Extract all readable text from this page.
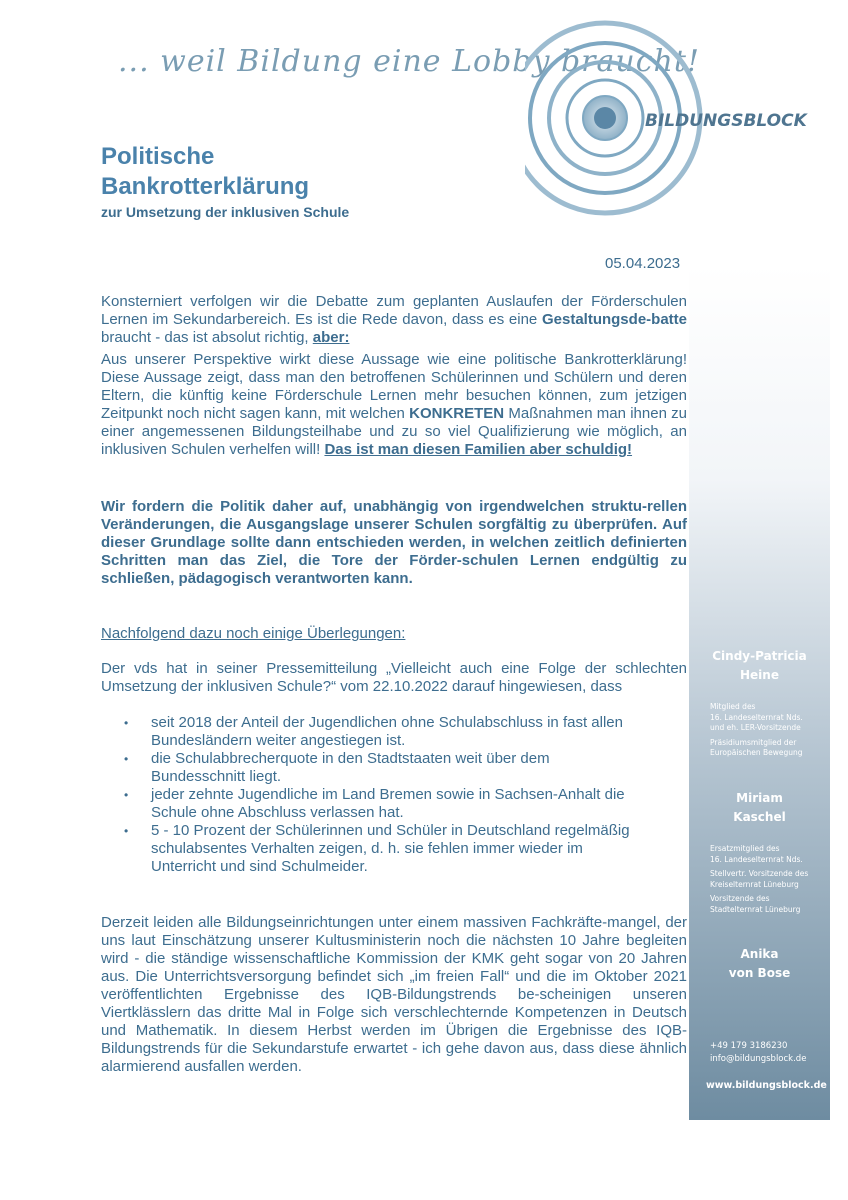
... weil Bildung eine Lobby braucht!
BILDUNGSBLOCK
Politische
Bankrotterklärung
zur Umsetzung der inklusiven Schule
05.04.2023
Cindy-Patricia
Heine
Mitglied des
16. Landeselternrat Nds.
und eh. LER-Vorsitzende
Präsidiumsmitglied der
Europäischen Bewegung
Miriam
Kaschel
Ersatzmitglied des
16. Landeselternrat Nds.
Stellvertr. Vorsitzende des
Kreiselternrat Lüneburg
Vorsitzende des
Stadtelternrat Lüneburg
Anika
von Bose
+49 179 3186230
info@bildungsblock.de
www.bildungsblock.de

Konsterniert verfolgen wir die Debatte zum geplanten Auslaufen der Förderschulen Lernen im Sekundarbereich. Es ist die Rede davon, dass es eine Gestaltungsde-batte braucht - das ist absolut richtig, aber:

Aus unserer Perspektive wirkt diese Aussage wie eine politische Bankrotterklärung! Diese Aussage zeigt, dass man den betroffenen Schülerinnen und Schülern und deren Eltern, die künftig keine Förderschule Lernen mehr besuchen können, zum jetzigen Zeitpunkt noch nicht sagen kann, mit welchen KONKRETEN Maßnahmen man ihnen zu einer angemessenen Bildungsteilhabe und zu so viel Qualifizierung wie möglich, an inklusiven Schulen verhelfen will! Das ist man diesen Familien aber schuldig!

Wir fordern die Politik daher auf, unabhängig von irgendwelchen struktu-rellen Veränderungen, die Ausgangslage unserer Schulen sorgfältig zu überprüfen. Auf dieser Grundlage sollte dann entschieden werden, in welchen zeitlich definierten Schritten man das Ziel, die Tore der Förder-schulen Lernen endgültig zu schließen, pädagogisch verantworten kann.
Nachfolgend dazu noch einige Überlegungen:
Der vds hat in seiner Pressemitteilung „Vielleicht auch eine Folge der schlechten Umsetzung der inklusiven Schule?“ vom 22.10.2022 darauf hingewiesen, dass
• seit 2018 der Anteil der Jugendlichen ohne Schulabschluss in fast allen Bundesländern weiter angestiegen ist.
• die Schulabbrecherquote in den Stadtstaaten weit über dem Bundesschnitt liegt.
• jeder zehnte Jugendliche im Land Bremen sowie in Sachsen-Anhalt die Schule ohne Abschluss verlassen hat.
• 5 - 10 Prozent der Schülerinnen und Schüler in Deutschland regelmäßig schulabsentes Verhalten zeigen, d. h. sie fehlen immer wieder im Unterricht und sind Schulmeider.
Derzeit leiden alle Bildungseinrichtungen unter einem massiven Fachkräfte-mangel, der uns laut Einschätzung unserer Kultusministerin noch die nächsten 10 Jahre begleiten wird - die ständige wissenschaftliche Kommission der KMK geht sogar von 20 Jahren aus. Die Unterrichtsversorgung befindet sich „im freien Fall“ und die im Oktober 2021 veröffentlichten Ergebnisse des IQB-Bildungstrends be-scheinigen unseren Viertklässlern das dritte Mal in Folge sich verschlechternde Kompetenzen in Deutsch und Mathematik. In diesem Herbst werden im Übrigen die Ergebnisse des IQB-Bildungstrends für die Sekundarstufe erwartet - ich gehe davon aus, dass diese ähnlich alarmierend ausfallen werden.
